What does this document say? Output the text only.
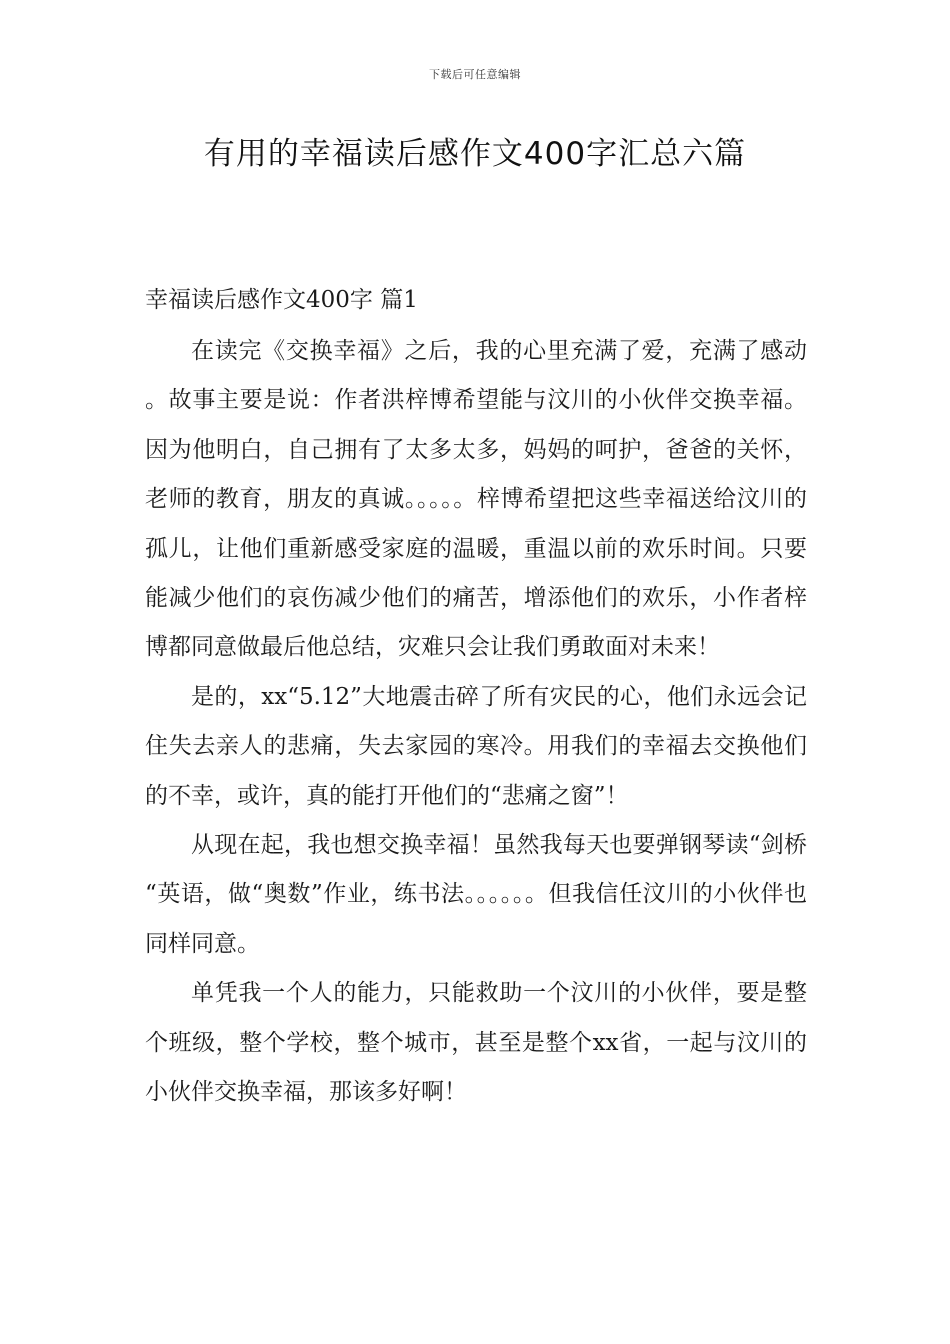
下载后可任意编辑
有用的幸福读后感作文400字汇总六篇
幸福读后感作文400字 篇1

在读完《交换幸福》之后，我的心里充满了爱，充满了感动。故事主要是说：作者洪梓博希望能与汶川的小伙伴交换幸福。因为他明白，自己拥有了太多太多，妈妈的呵护，爸爸的关怀，老师的教育，朋友的真诚。。。。。梓博希望把这些幸福送给汶川的孤儿，让他们重新感受家庭的温暖，重温以前的欢乐时间。只要能减少他们的哀伤减少他们的痛苦，增添他们的欢乐，小作者梓博都同意做最后他总结，灾难只会让我们勇敢面对未来！

是的，xx“5.12”大地震击碎了所有灾民的心，他们永远会记住失去亲人的悲痛，失去家园的寒冷。用我们的幸福去交换他们的不幸，或许，真的能打开他们的“悲痛之窗”！

从现在起，我也想交换幸福！虽然我每天也要弹钢琴读“剑桥“英语，做“奥数”作业，练书法。。。。。。但我信任汶川的小伙伴也同样同意。

单凭我一个人的能力，只能救助一个汶川的小伙伴，要是整个班级，整个学校，整个城市，甚至是整个xx省，一起与汶川的小伙伴交换幸福，那该多好啊！
